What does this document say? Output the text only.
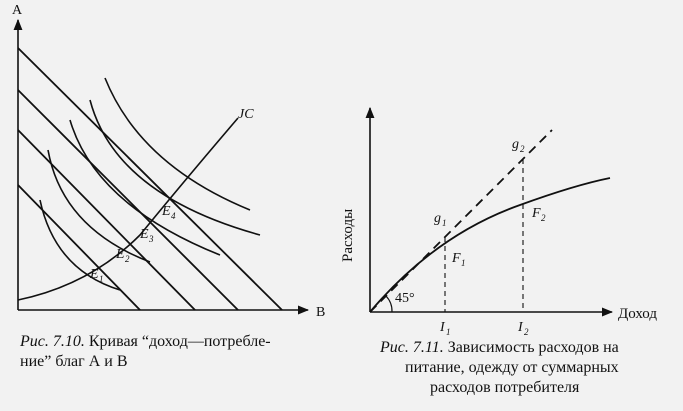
A
B
JC
E 1
E 2
E 3
E 4
Рис. 7.10. Кривая “доход—потребле-
ние” благ А и В
Расходы
Доход
45°
g 1
g 2
F 1
F 2
I 1	I 2
Рис. 7.11. Зависимость расходов на
питание, одежду от суммарных
расходов потребителя
